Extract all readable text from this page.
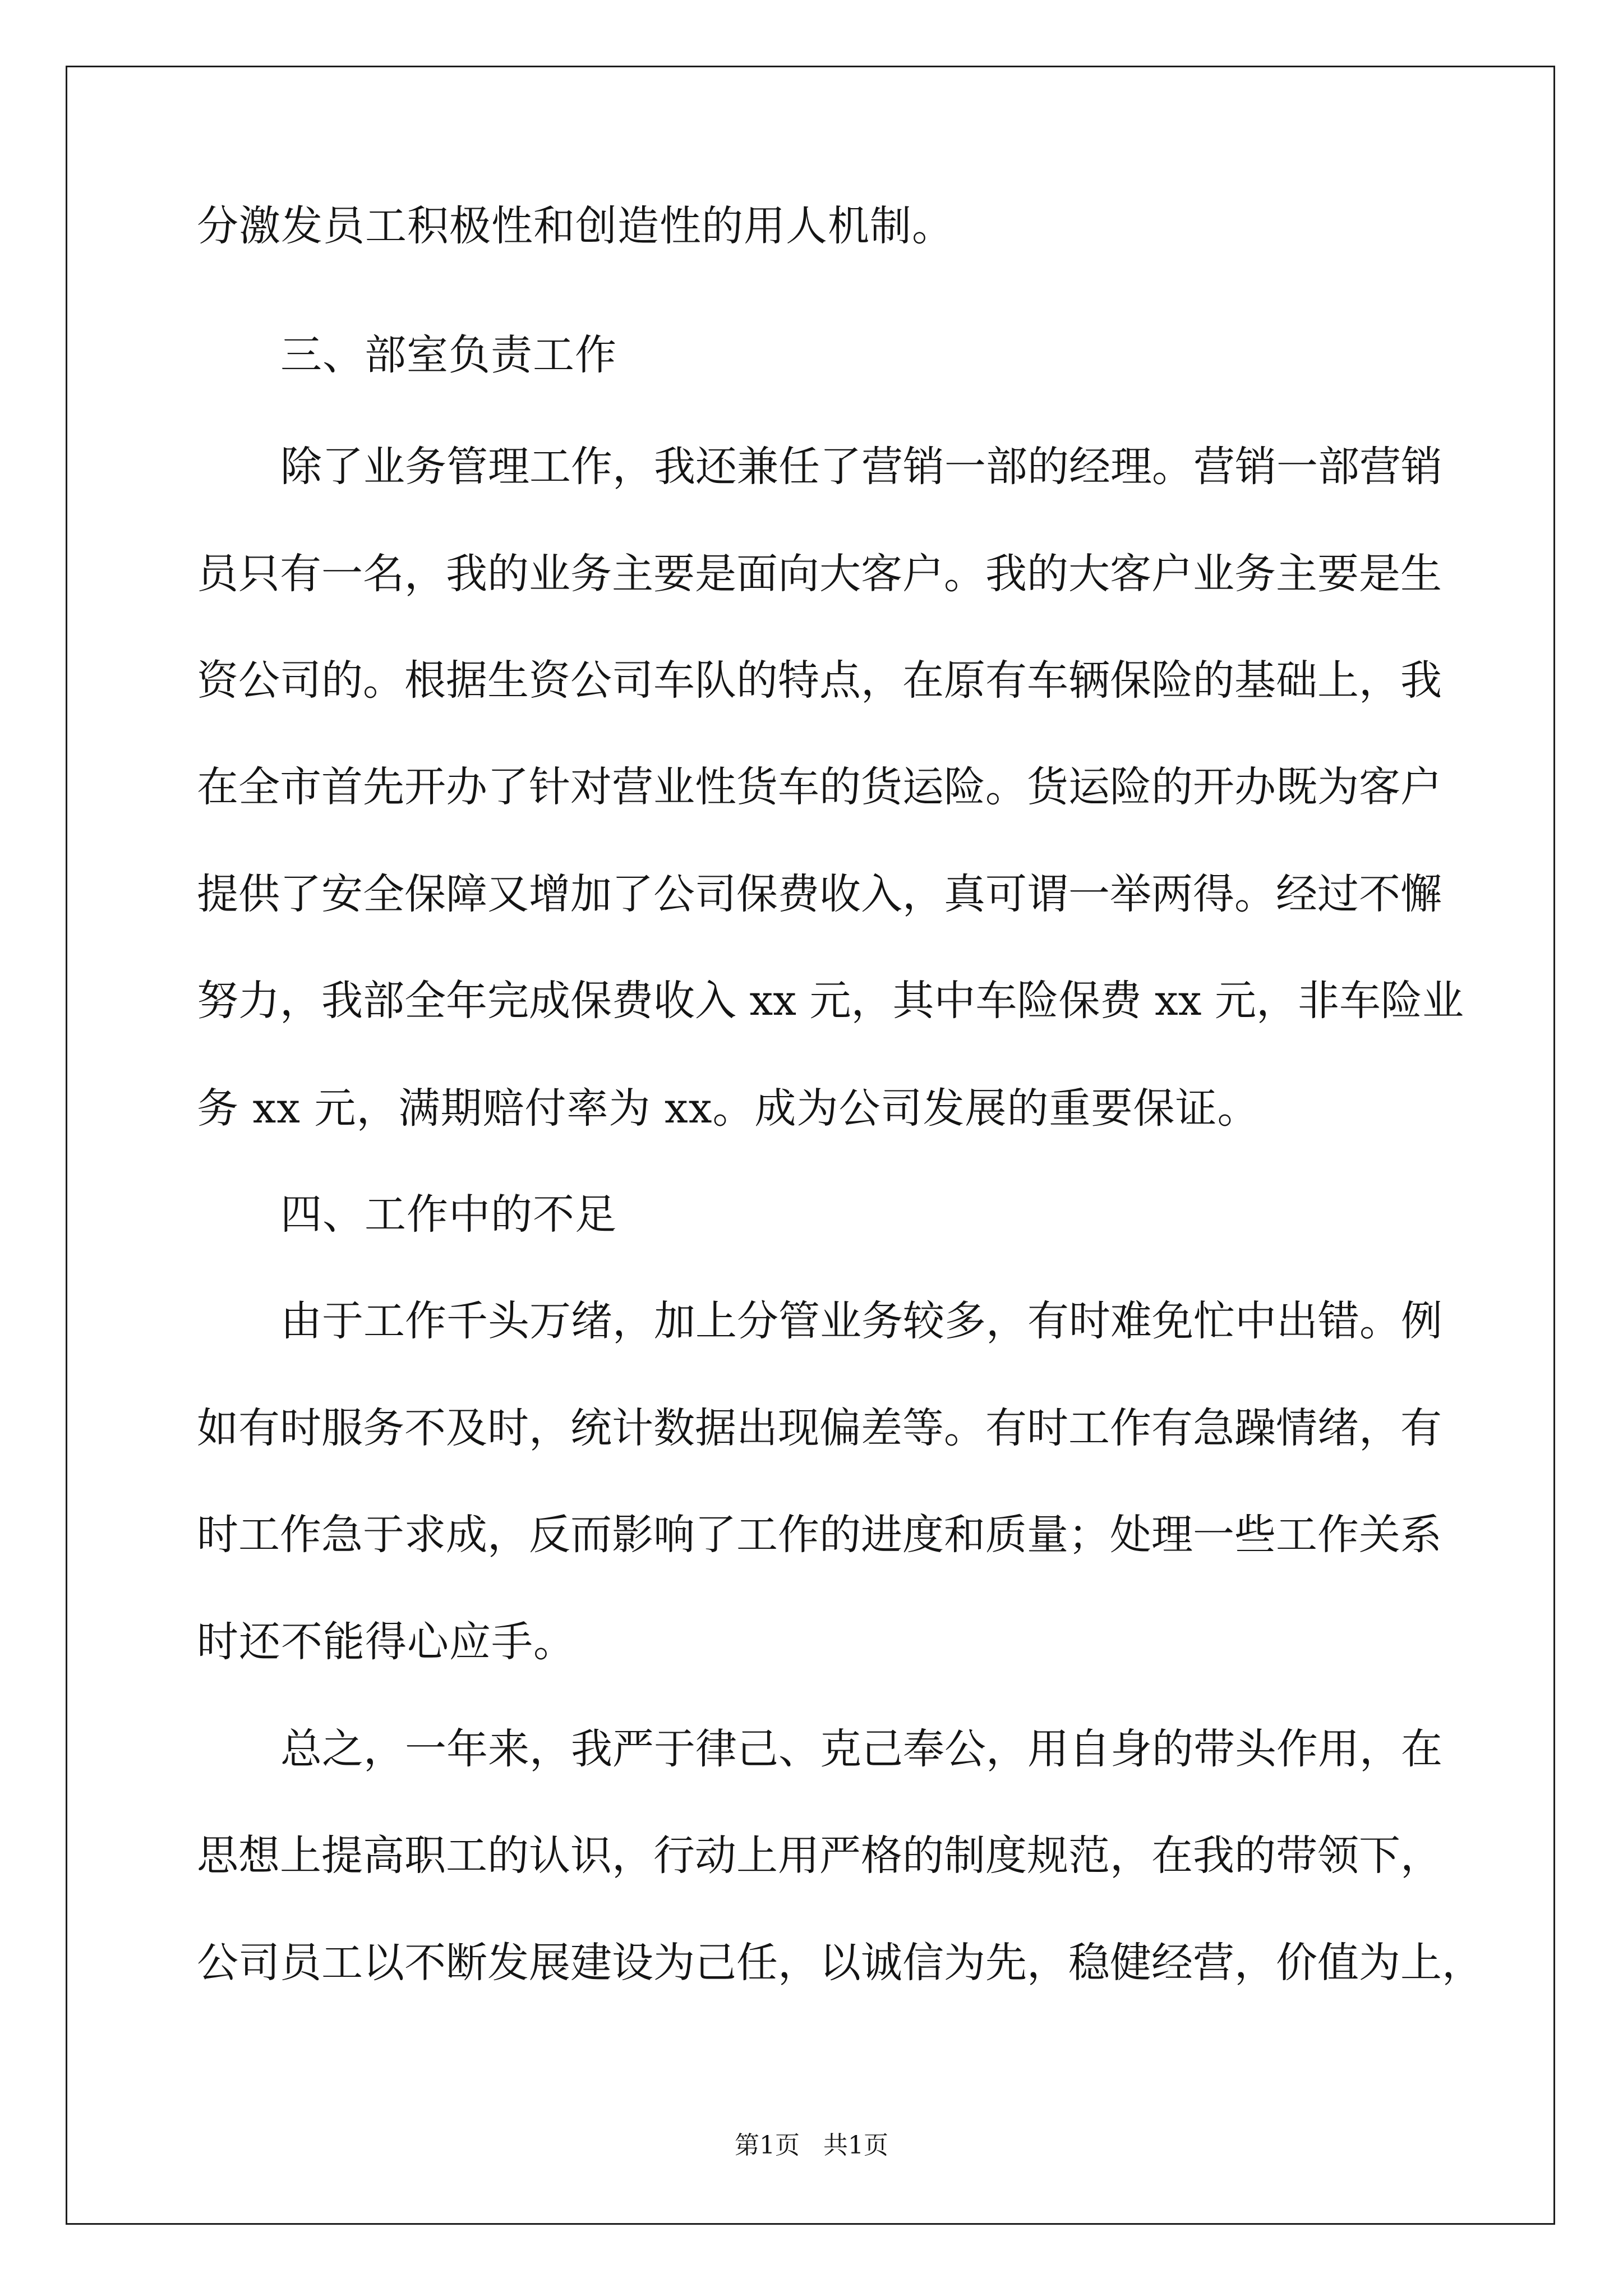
分激发员工积极性和创造性的用人机制。
三、部室负责工作
除了业务管理工作，我还兼任了营销一部的经理。营销一部营销
员只有一名，我的业务主要是面向大客户。我的大客户业务主要是生
资公司的。根据生资公司车队的特点，在原有车辆保险的基础上，我
在全市首先开办了针对营业性货车的货运险。货运险的开办既为客户
提供了安全保障又增加了公司保费收入，真可谓一举两得。经过不懈
努力，我部全年完成保费收入 xx 元，其中车险保费 xx 元，非车险业
务 xx 元，满期赔付率为 xx。成为公司发展的重要保证。
四、工作中的不足
由于工作千头万绪，加上分管业务较多，有时难免忙中出错。例
如有时服务不及时，统计数据出现偏差等。有时工作有急躁情绪，有
时工作急于求成，反而影响了工作的进度和质量；处理一些工作关系
时还不能得心应手。
总之，一年来，我严于律己、克己奉公，用自身的带头作用，在
思想上提高职工的认识，行动上用严格的制度规范，在我的带领下，
公司员工以不断发展建设为己任，以诚信为先，稳健经营，价值为上，
第1页   共1页
